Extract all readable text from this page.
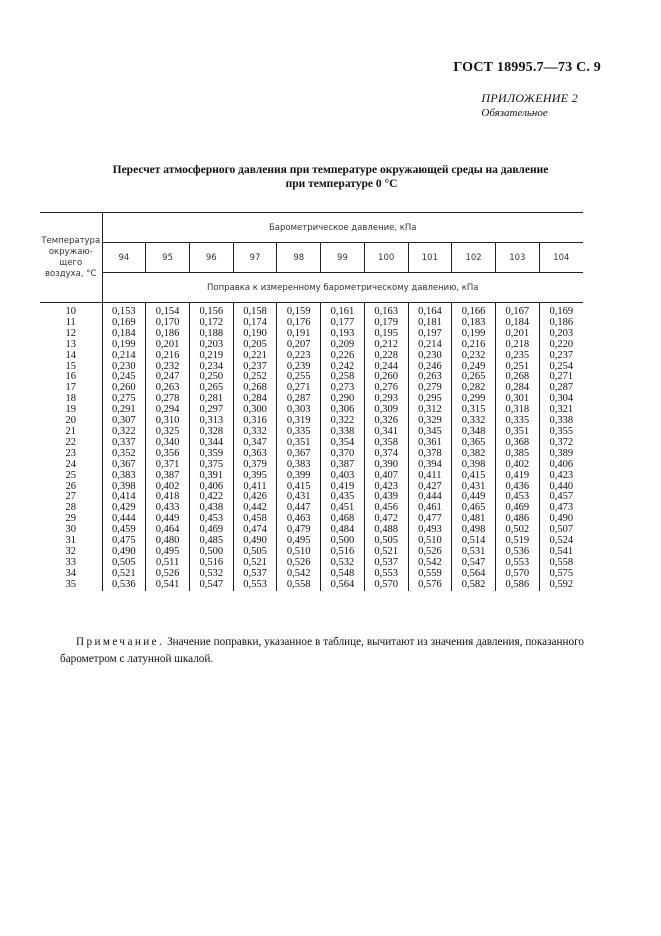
ГОСТ 18995.7—73 С. 9
ПРИЛОЖЕНИЕ 2
Обязательное
Пересчет атмосферного давления при температуре окружающей среды на давление
при температуре 0 °С
Температура
окружаю-
щего
воздуха, °С	Барометрическое давление, кПа										
	94	95	96	97	98	99	100	101	102	103	104
	Поправка к измеренному барометрическому давлению, кПа										

10	0,153	0,154	0,156	0,158	0,159	0,161	0,163	0,164	0,166	0,167	0,169
11	0,169	0,170	0,172	0,174	0,176	0,177	0,179	0,181	0,183	0,184	0,186
12	0,184	0,186	0,188	0,190	0,191	0,193	0,195	0,197	0,199	0,201	0,203
13	0,199	0,201	0,203	0,205	0,207	0,209	0,212	0,214	0,216	0,218	0,220
14	0,214	0,216	0,219	0,221	0,223	0,226	0,228	0,230	0,232	0,235	0,237
15	0,230	0,232	0,234	0,237	0,239	0,242	0,244	0,246	0,249	0,251	0,254
16	0,245	0,247	0,250	0,252	0,255	0,258	0,260	0,263	0,265	0,268	0,271
17	0,260	0,263	0,265	0,268	0,271	0,273	0,276	0,279	0,282	0,284	0,287
18	0,275	0,278	0,281	0,284	0,287	0,290	0,293	0,295	0,299	0,301	0,304
19	0,291	0,294	0,297	0,300	0,303	0,306	0,309	0,312	0,315	0,318	0,321
20	0,307	0,310	0,313	0,316	0,319	0,322	0,326	0,329	0,332	0,335	0,338
21	0,322	0,325	0,328	0,332	0,335	0,338	0,341	0,345	0,348	0,351	0,355
22	0,337	0,340	0,344	0,347	0,351	0,354	0,358	0,361	0,365	0,368	0,372
23	0,352	0,356	0,359	0,363	0,367	0,370	0,374	0,378	0,382	0,385	0,389
24	0,367	0,371	0,375	0,379	0,383	0,387	0,390	0,394	0,398	0,402	0,406
25	0,383	0,387	0,391	0,395	0,399	0,403	0,407	0,411	0,415	0,419	0,423
26	0,398	0,402	0,406	0,411	0,415	0,419	0,423	0,427	0,431	0,436	0,440
27	0,414	0,418	0,422	0,426	0,431	0,435	0,439	0,444	0,449	0,453	0,457
28	0,429	0,433	0,438	0,442	0,447	0,451	0,456	0,461	0,465	0,469	0,473
29	0,444	0,449	0,453	0,458	0,463	0,468	0,472	0,477	0,481	0,486	0,490
30	0,459	0,464	0,469	0,474	0,479	0,484	0,488	0,493	0,498	0,502	0,507
31	0,475	0,480	0,485	0,490	0,495	0,500	0,505	0,510	0,514	0,519	0,524
32	0,490	0,495	0,500	0,505	0,510	0,516	0,521	0,526	0,531	0,536	0,541
33	0,505	0,511	0,516	0,521	0,526	0,532	0,537	0,542	0,547	0,553	0,558
34	0,521	0,526	0,532	0,537	0,542	0,548	0,553	0,559	0,564	0,570	0,575
35	0,536	0,541	0,547	0,553	0,558	0,564	0,570	0,576	0,582	0,586	0,592
Примечание. Значение поправки, указанное в таблице, вычитают из значения давления, показанного барометром с латунной шкалой.
